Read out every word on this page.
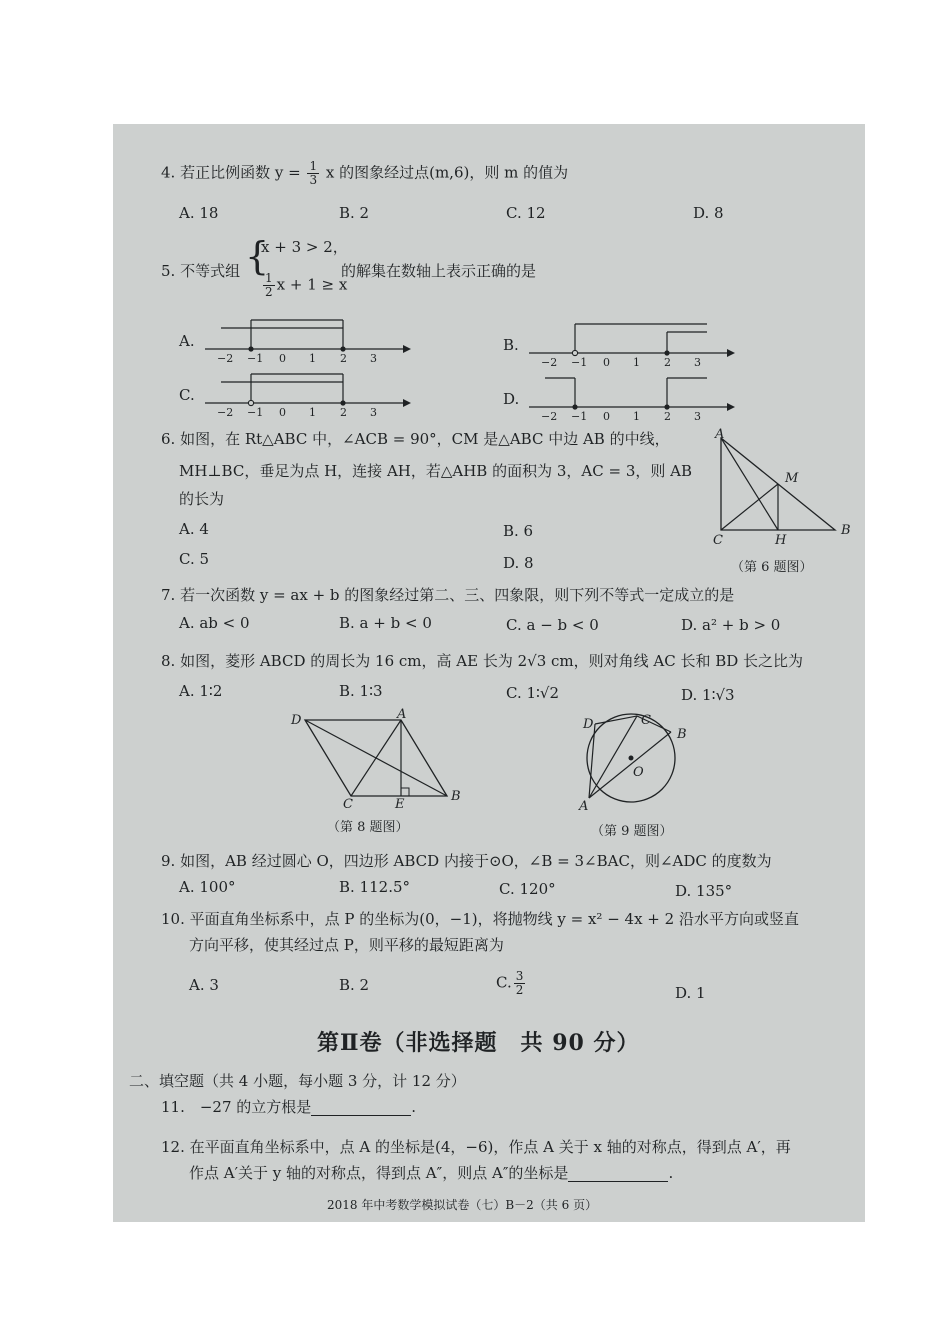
4. 若正比例函数 $y = \frac{1}{3}$ x 的图象经过点(m,6)，则 m 的值为
A. 18	B. 2	C. 12	D. 8
5. 不等式组 {
x + 3 > 2，
$\frac{1}{2}$ x + 1 ≥ x
的解集在数轴上表示正确的是
A.	B.
C.	D.
−2 −1 0 1 2 3	−2 −1 0 1 2 3
−2 −1 0 1 2 3	−2 −1 0 1 2 3
6. 如图，在 Rt△ABC 中，∠ACB = 90°，CM 是△ABC 中边 AB 的中线，
MH⊥BC，垂足为点 H，连接 AH，若△AHB 的面积为 3，AC = 3，则 AB
的长为
A. 4	B. 6
C. 5	D. 8
A
M
C	H
B
（第 6 题图）
7. 若一次函数 y = ax + b 的图象经过第二、三、四象限，则下列不等式一定成立的是
A. ab < 0	B. a + b < 0	C. a − b < 0	D. a² + b > 0
8. 如图，菱形 ABCD 的周长为 16 cm，高 AE 长为 2√3 cm，则对角线 AC 长和 BD 长之比为
A. 1∶2	B. 1∶3	C. 1∶√2	D. 1∶√3
D	A
C	E
B
（第 8 题图）
D	C
B
O
A
（第 9 题图）
9. 如图，AB 经过圆心 O，四边形 ABCD 内接于⊙O，∠B = 3∠BAC，则∠ADC 的度数为
A. 100°	B. 112.5°	C. 120°	D. 135°
10. 平面直角坐标系中，点 P 的坐标为(0，−1)，将抛物线 y = x² − 4x + 2 沿水平方向或竖直
方向平移，使其经过点 P，则平移的最短距离为
A. 3	B. 2	C. $\frac{3}{2}$	D. 1
第Ⅱ卷（非选择题　共 90 分）
二、填空题（共 4 小题，每小题 3 分，计 12 分）
11.　−27 的立方根是	.
12. 在平面直角坐标系中，点 A 的坐标是(4，−6)，作点 A 关于 x 轴的对称点，得到点 A′，再
作点 A′关于 y 轴的对称点，得到点 A″，则点 A″的坐标是	.
2018 年中考数学模拟试卷（七）B－2（共 6 页）
